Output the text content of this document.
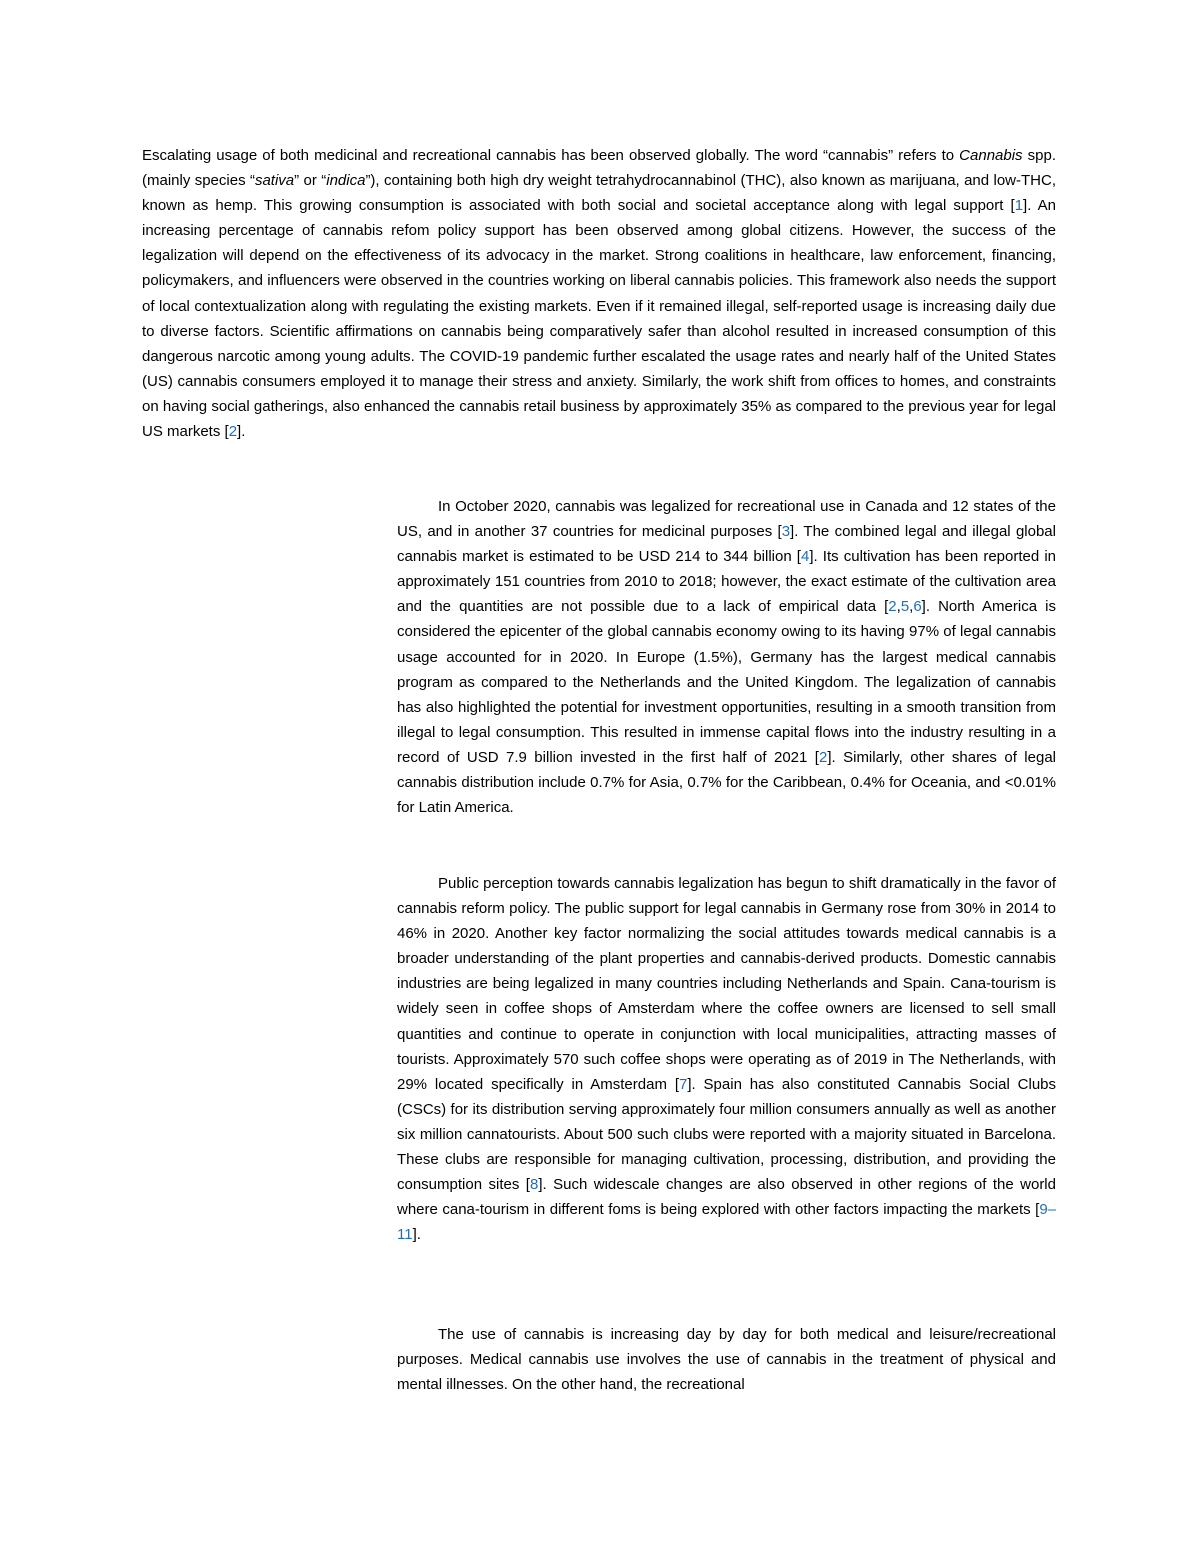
Escalating usage of both medicinal and recreational cannabis has been observed globally. The word “cannabis” refers to Cannabis spp. (mainly species “sativa” or “indica”), containing both high dry weight tetrahydrocannabinol (THC), also known as marijuana, and low-THC, known as hemp. This growing consumption is associated with both social and societal acceptance along with legal support [1]. An increasing percentage of cannabis refom policy support has been observed among global citizens. However, the success of the legalization will depend on the effectiveness of its advocacy in the market. Strong coalitions in healthcare, law enforcement, financing, policymakers, and influencers were observed in the countries working on liberal cannabis policies. This framework also needs the support of local contextualization along with regulating the existing markets. Even if it remained illegal, self-reported usage is increasing daily due to diverse factors. Scientific affirmations on cannabis being comparatively safer than alcohol resulted in increased consumption of this dangerous narcotic among young adults. The COVID-19 pandemic further escalated the usage rates and nearly half of the United States (US) cannabis consumers employed it to manage their stress and anxiety. Similarly, the work shift from offices to homes, and constraints on having social gatherings, also enhanced the cannabis retail business by approximately 35% as compared to the previous year for legal US markets [2].

In October 2020, cannabis was legalized for recreational use in Canada and 12 states of the US, and in another 37 countries for medicinal purposes [3]. The combined legal and illegal global cannabis market is estimated to be USD 214 to 344 billion [4]. Its cultivation has been reported in approximately 151 countries from 2010 to 2018; however, the exact estimate of the cultivation area and the quantities are not possible due to a lack of empirical data [2,5,6]. North America is considered the epicenter of the global cannabis economy owing to its having 97% of legal cannabis usage accounted for in 2020. In Europe (1.5%), Germany has the largest medical cannabis program as compared to the Netherlands and the United Kingdom. The legalization of cannabis has also highlighted the potential for investment opportunities, resulting in a smooth transition from illegal to legal consumption. This resulted in immense capital flows into the industry resulting in a record of USD 7.9 billion invested in the first half of 2021 [2]. Similarly, other shares of legal cannabis distribution include 0.7% for Asia, 0.7% for the Caribbean, 0.4% for Oceania, and <0.01% for Latin America.

Public perception towards cannabis legalization has begun to shift dramatically in the favor of cannabis reform policy. The public support for legal cannabis in Germany rose from 30% in 2014 to 46% in 2020. Another key factor normalizing the social attitudes towards medical cannabis is a broader understanding of the plant properties and cannabis-derived products. Domestic cannabis industries are being legalized in many countries including Netherlands and Spain. Cana-tourism is widely seen in coffee shops of Amsterdam where the coffee owners are licensed to sell small quantities and continue to operate in conjunction with local municipalities, attracting masses of tourists. Approximately 570 such coffee shops were operating as of 2019 in The Netherlands, with 29% located specifically in Amsterdam [7]. Spain has also constituted Cannabis Social Clubs (CSCs) for its distribution serving approximately four million consumers annually as well as another six million cannatourists. About 500 such clubs were reported with a majority situated in Barcelona. These clubs are responsible for managing cultivation, processing, distribution, and providing the consumption sites [8]. Such widescale changes are also observed in other regions of the world where cana-tourism in different foms is being explored with other factors impacting the markets [9–11].

The use of cannabis is increasing day by day for both medical and leisure/recreational purposes. Medical cannabis use involves the use of cannabis in the treatment of physical and mental illnesses. On the other hand, the recreational
